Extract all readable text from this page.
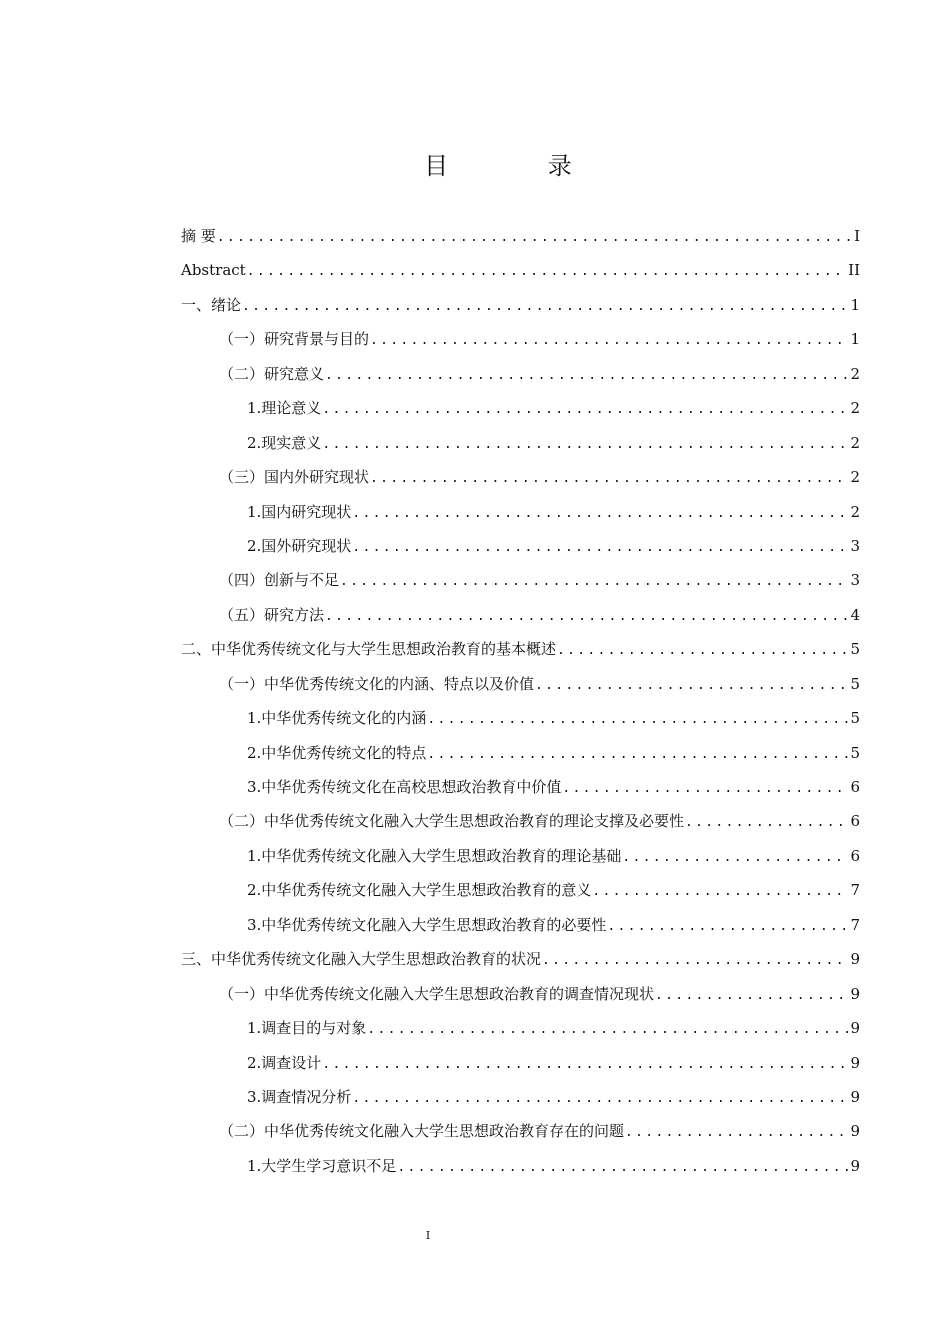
目 录
摘 要 .....	I
Abstract .....	II
一、绪论 .....	1
（一）研究背景与目的 .....	1
（二）研究意义 .....	2
1.理论意义 .....	2
2.现实意义 .....	2
（三）国内外研究现状 .....	2
1.国内研究现状 .....	2
2.国外研究现状 .....	3
（四）创新与不足 .....	3
（五）研究方法 .....	4
二、中华优秀传统文化与大学生思想政治教育的基本概述 .....	5
（一）中华优秀传统文化的内涵、特点以及价值 .....	5
1.中华优秀传统文化的内涵 .....	5
2.中华优秀传统文化的特点 .....	5
3.中华优秀传统文化在高校思想政治教育中价值 .....	6
（二）中华优秀传统文化融入大学生思想政治教育的理论支撑及必要性 .....	6
1.中华优秀传统文化融入大学生思想政治教育的理论基础 .....	6
2.中华优秀传统文化融入大学生思想政治教育的意义 .....	7
3.中华优秀传统文化融入大学生思想政治教育的必要性 .....	7
三、中华优秀传统文化融入大学生思想政治教育的状况 .....	9
（一）中华优秀传统文化融入大学生思想政治教育的调查情况现状 .....	9
1.调查目的与对象 .....	9
2.调查设计 .....	9
3.调查情况分析 .....	9
（二）中华优秀传统文化融入大学生思想政治教育存在的问题 .....	9
1.大学生学习意识不足 .....	9
I
